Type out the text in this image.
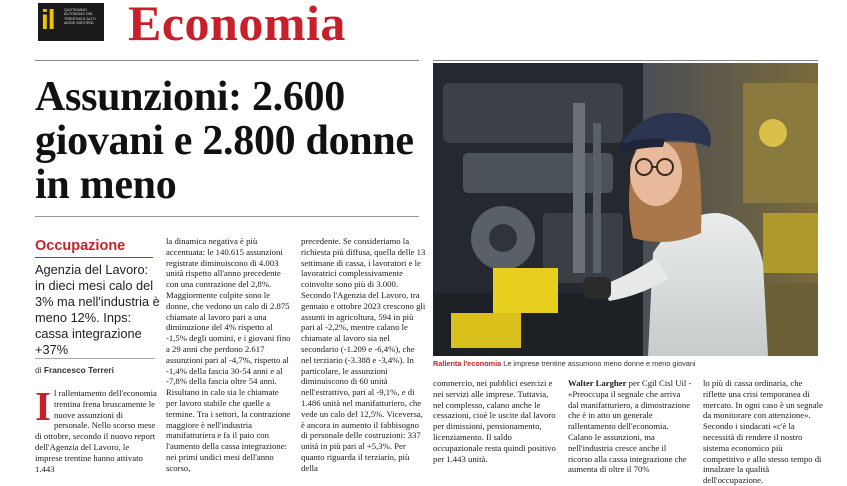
il	QUOTIDIANO AUTONOMO DEL TRENTINO E ALTO ADIGE SÜDTIROL Economia
Assunzioni: 2.600 giovani e 2.800 donne in meno
Occupazione

Agenzia del Lavoro: in dieci mesi calo del 3% ma nell'industria è meno 12%. Inps: cassa integrazione +37%

di Francesco Terreri

Il rallentamento dell'economia trentina frena bruscamente le nuove assunzioni di personale. Nello scorso mese di ottobre, secondo il nuovo report dell'Agenzia del Lavoro, le imprese trentine hanno attivato 1.443

la dinamica negativa è più accentuata: le 140.615 assunzioni registrate diminuiscono di 4.003 unità rispetto all'anno precedente con una contrazione del 2,8%. Maggiormente colpite sono le donne, che vedono un calo di 2.875 chiamate al lavoro pari a una diminuzione del 4% rispetto al -1,5% degli uomini, e i giovani fino a 29 anni che perdono 2.617 assunzioni pari al -4,7%, rispetto al -1,4% della fascia 30-54 anni e al -7,8% della fascia oltre 54 anni. Risultano in calo sia le chiamate per lavoro stabile che quelle a termine. Tra i settori, la contrazione maggiore è nell'industria manifatturiera e fa il paio con l'aumento della cassa integrazione: nei primi undici mesi dell'anno scorso,

precedente. Se consideriamo la richiesta più diffusa, quella delle 13 settimane di cassa, i lavoratori e le lavoratrici complessivamente coinvolte sono più di 3.000. Secondo l'Agenzia del Lavoro, tra gennaio e ottobre 2023 crescono gli assunti in agricoltura, 594 in più pari al -2,2%, mentre calano le chiamate al lavoro sia nel secondario (-1.209 e -6,4%), che nel terziario (-3.388 e -3,4%). In particolare, le assunzioni diminuiscono di 60 unità nell'estrattivo, pari al -9,1%, e di 1.486 unità nel manifatturiero, che vede un calo del 12,5%. Viceversa, è ancora in aumento il fabbisogno di personale delle costruzioni: 337 unità in più pari al +5,3%. Per quanto riguarda il terziario, più della

commercio, nei pubblici esercizi e nei servizi alle imprese. Tuttavia, nel complesso, calano anche le cessazioni, cioè le uscite dal lavoro per dimissioni, pensionamento, licenziamento. Il saldo occupazionale resta quindi positivo per 1.443 unità.

Walter Largher per Cgil Cisl Uil - «Preoccupa il segnale che arriva dal manifatturiero, a dimostrazione che è in atto un generale rallentamento dell'economia. Calano le assunzioni, ma nell'industria cresce anche il ricorso alla cassa integrazione che aumenta di oltre il 70%

lo più di cassa ordinaria, che riflette una crisi temporanea di mercato. In ogni caso è un segnale da monitorare con attenzione». Secondo i sindacati «c'è la necessità di rendere il nostro sistema economico più competitivo e allo stesso tempo di innalzare la qualità dell'occupazione.

Rallenta l'economia Le imprese trentine assumono meno donne e meno giovani
